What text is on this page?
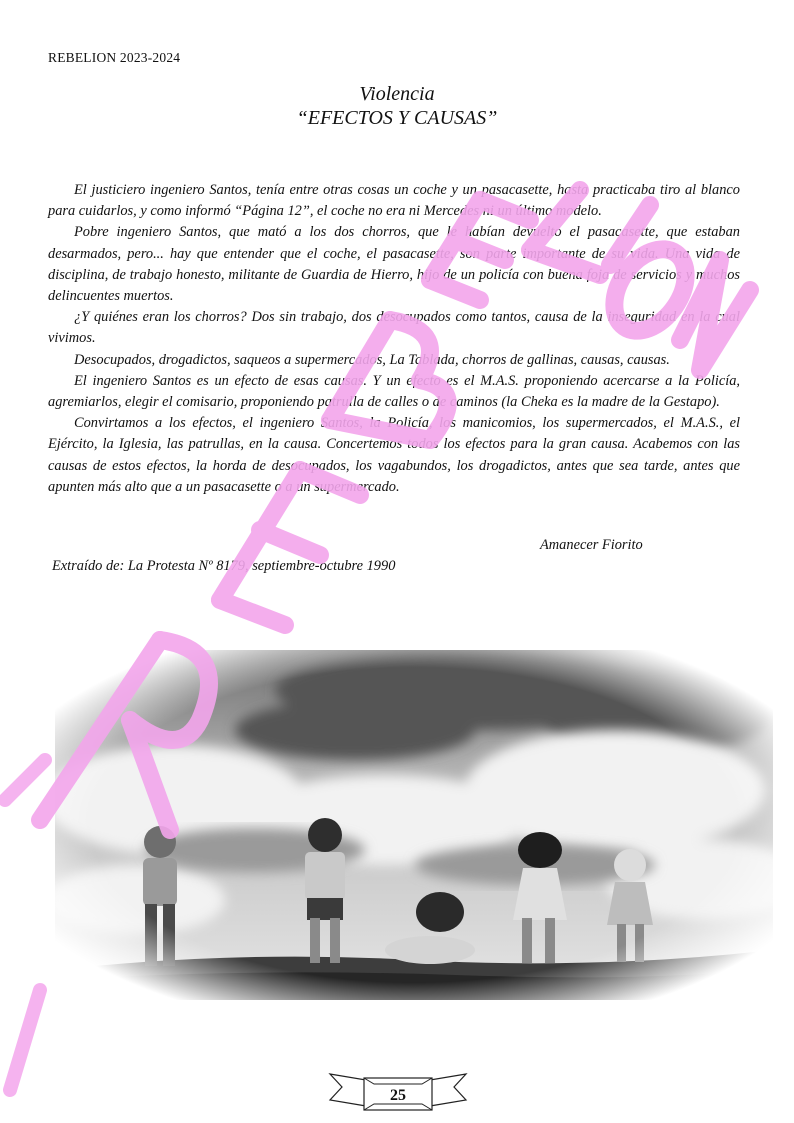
REBELION 2023-2024
Violencia
“EFECTOS Y CAUSAS”

El justiciero ingeniero Santos, tenía entre otras cosas un coche y un pasacasette, hasta practicaba tiro al blanco para cuidarlos, y como informó “Página 12”, el coche no era ni Mercedes ni un último modelo.

Pobre ingeniero Santos, que mató a los dos chorros, que le habían devuelto el pasacasette, que estaban desarmados, pero... hay que entender que el coche, el pasacasette, son parte importante de su vida. Una vida de disciplina, de trabajo honesto, militante de Guardia de Hierro, hijo de un policía con buena foja de servicios y muchos delincuentes muertos.

¿Y quiénes eran los chorros? Dos sin trabajo, dos desocupados como tantos, causa de la inseguridad en la cual vivimos.

Desocupados, drogadictos, saqueos a supermercados, La Tablada, chorros de gallinas, causas, causas.

El ingeniero Santos es un efecto de esas causas. Y un efecto es el M.A.S. proponiendo acercarse a la Policía, agremiarlos, elegir el comisario, proponiendo patrulla de calles o de caminos (la Cheka es la madre de la Gestapo).

Convirtamos a los efectos, el ingeniero Santos, la Policía, los manicomios, los supermercados, el M.A.S., el Ejército, la Iglesia, las patrullas, en la causa. Concertemos todos los efectos para la gran causa. Acabemos con las causas de estos efectos, la horda de desocupados, los vagabundos, los drogadictos, antes que sea tarde, antes que apunten más alto que a un pasacasette o a un supermercado.

Amanecer Fiorito
Extraído de: La Protesta Nº 8179, septiembre-octubre 1990
25
